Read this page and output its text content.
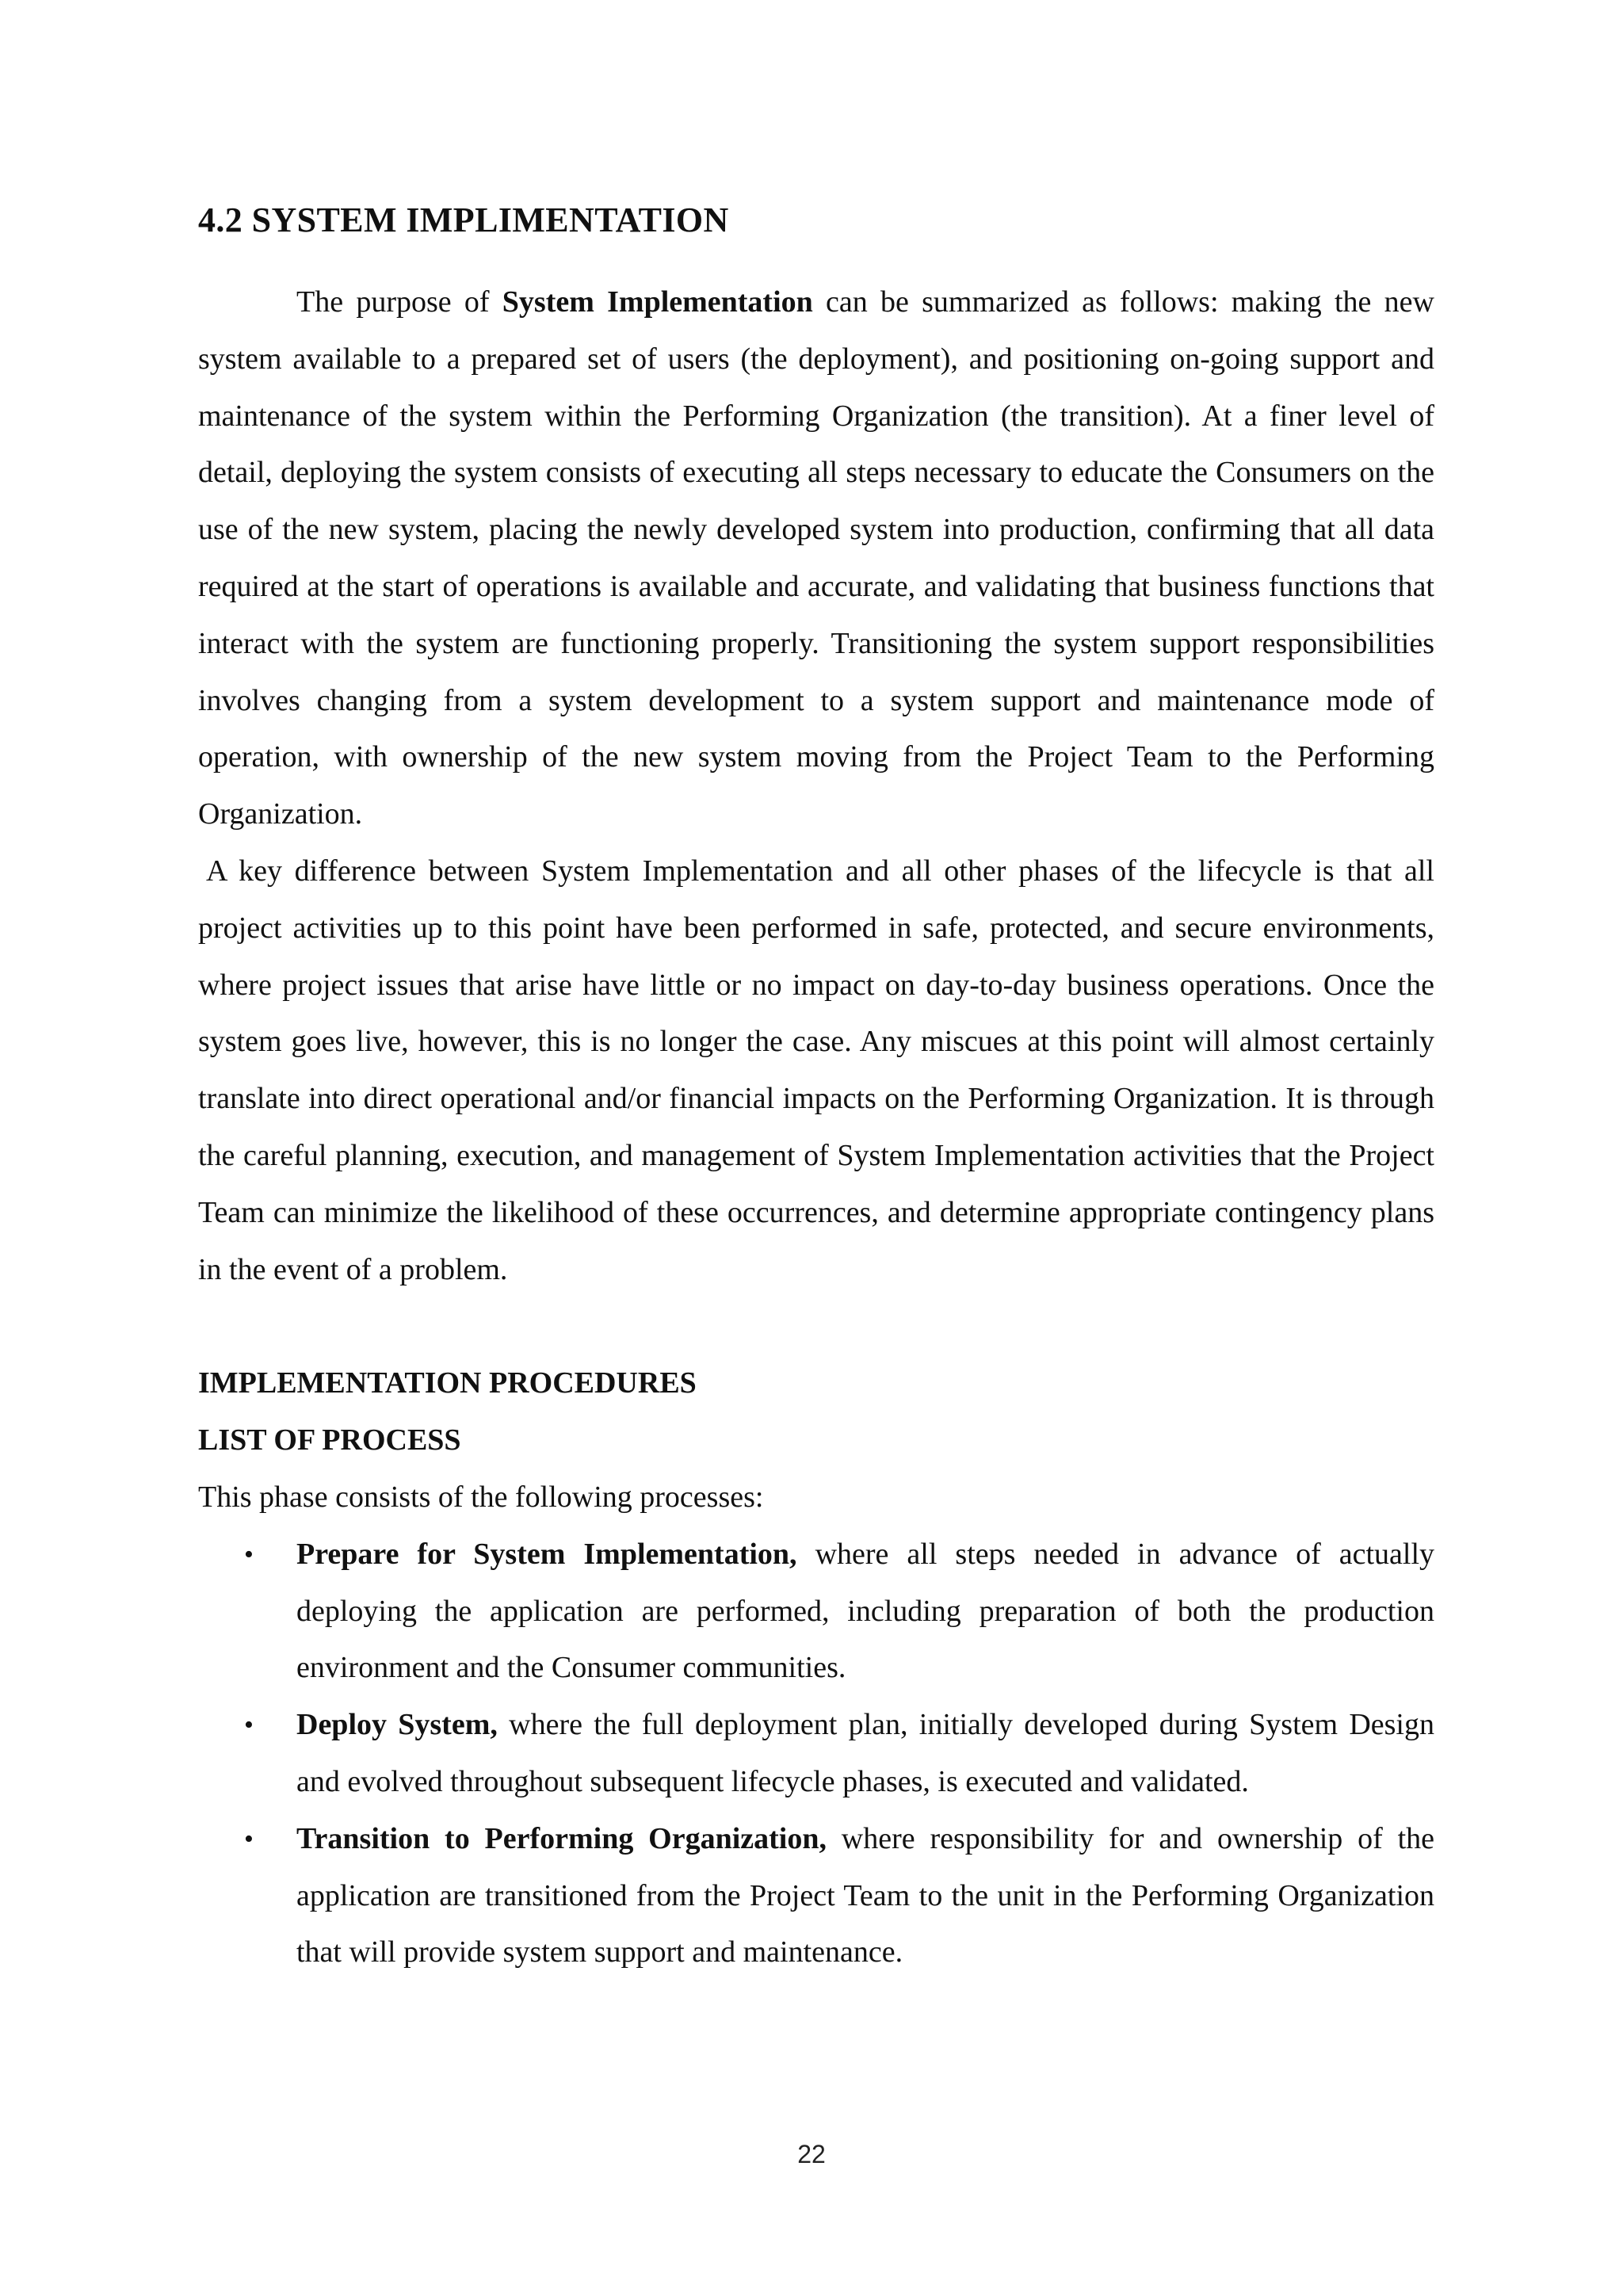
4.2 SYSTEM IMPLIMENTATION

The purpose of System Implementation can be summarized as follows: making the new system available to a prepared set of users (the deployment), and positioning on-going support and maintenance of the system within the Performing Organization (the transition). At a finer level of detail, deploying the system consists of executing all steps necessary to educate the Consumers on the use of the new system, placing the newly developed system into production, confirming that all data required at the start of operations is available and accurate, and validating that business functions that interact with the system are functioning properly. Transitioning the system support responsibilities involves changing from a system development to a system support and maintenance mode of operation, with ownership of the new system moving from the Project Team to the Performing Organization.

A key difference between System Implementation and all other phases of the lifecycle is that all project activities up to this point have been performed in safe, protected, and secure environments, where project issues that arise have little or no impact on day-to-day business operations. Once the system goes live, however, this is no longer the case. Any miscues at this point will almost certainly translate into direct operational and/or financial impacts on the Performing Organization. It is through the careful planning, execution, and management of System Implementation activities that the Project Team can minimize the likelihood of these occurrences, and determine appropriate contingency plans in the event of a problem.

IMPLEMENTATION PROCEDURES

LIST OF PROCESS

This phase consists of the following processes:

• Prepare for System Implementation, where all steps needed in advance of actually deploying the application are performed, including preparation of both the production environment and the Consumer communities.
• Deploy System, where the full deployment plan, initially developed during System Design and evolved throughout subsequent lifecycle phases, is executed and validated.
• Transition to Performing Organization, where responsibility for and ownership of the application are transitioned from the Project Team to the unit in the Performing Organization that will provide system support and maintenance.
22
